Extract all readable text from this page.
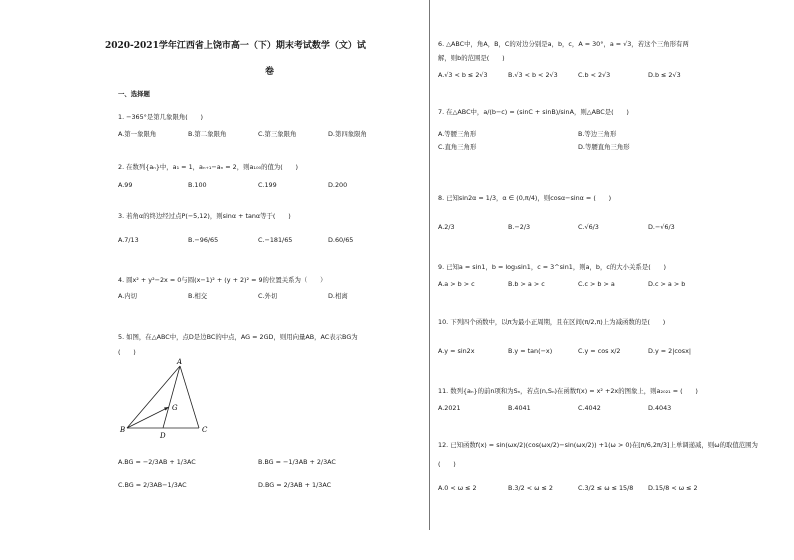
2020-2021学年江西省上饶市高一（下）期末考试数学（文）试
卷
一、选择题
1. −365°是第几象限角(　　)
A.第一象限角	B.第二象限角	C.第三象限角	D.第四象限角
2. 在数列{aₙ}中，a₁ = 1，aₙ₊₁−aₙ = 2，则a₁₀₀的值为(　　)
A.99	B.100	C.199	D.200
3. 若角α的终边经过点P(−5,12)，则sinα + tanα等于(　　)
A.7/13	B.−96/65	C.−181/65	D.60/65
4. 圆x² + y²−2x = 0与圆(x−1)² + (y + 2)² = 9的位置关系为（　　）
A.内切	B.相交	C.外切	D.相离
5. 如图，在△ABC中，点D是边BC的中点，AG = 2GD，则用向量AB，AC表示BG为
(　　)
A
B	C
D
G
A.BG = −2/3AB + 1/3AC	B.BG = −1/3AB + 2/3AC
C.BG = 2/3AB−1/3AC	D.BG = 2/3AB + 1/3AC
6. △ABC中，角A，B，C的对边分别是a，b，c，A = 30°，a = √3，若这个三角形有两
解，则b的范围是(　　)
A.√3 < b ≤ 2√3	B.√3 < b < 2√3	C.b < 2√3	D.b ≤ 2√3
7. 在△ABC中，a/(b−c) = (sinC + sinB)/sinA，则△ABC是(　　)
A.等腰三角形	B.等边三角形
C.直角三角形	D.等腰直角三角形
8. 已知sin2α = 1/3，α ∈ (0,π/4)，则cosα−sinα = (　　)
A.2/3	B.−2/3	C.√6/3	D.−√6/3
9. 已知a = sin1，b = log₃sin1，c = 3^sin1，则a，b，c的大小关系是(　　)
A.a > b > c	B.b > a > c	C.c > b > a	D.c > a > b
10. 下列四个函数中，以π为最小正周期，且在区间(π/2,π)上为减函数的是(　　)
A.y = sin2x	B.y = tan(−x)	C.y = cos x/2	D.y = 2|cosx|
11. 数列{aₙ}的前n项和为Sₙ，若点(n,Sₙ)在函数f(x) = x² +2x的图象上，则a₂₀₂₁ = (　　)
A.2021	B.4041	C.4042	D.4043
12. 已知函数f(x) = sin(ωx/2)(cos(ωx/2)−sin(ωx/2)) +1(ω > 0)在[π/6,2π/3]上单调递减，则ω的取值范围为
(　　)
A.0 < ω ≤ 2	B.3/2 < ω ≤ 2	C.3/2 ≤ ω ≤ 15/8 D.15/8 < ω ≤ 2
